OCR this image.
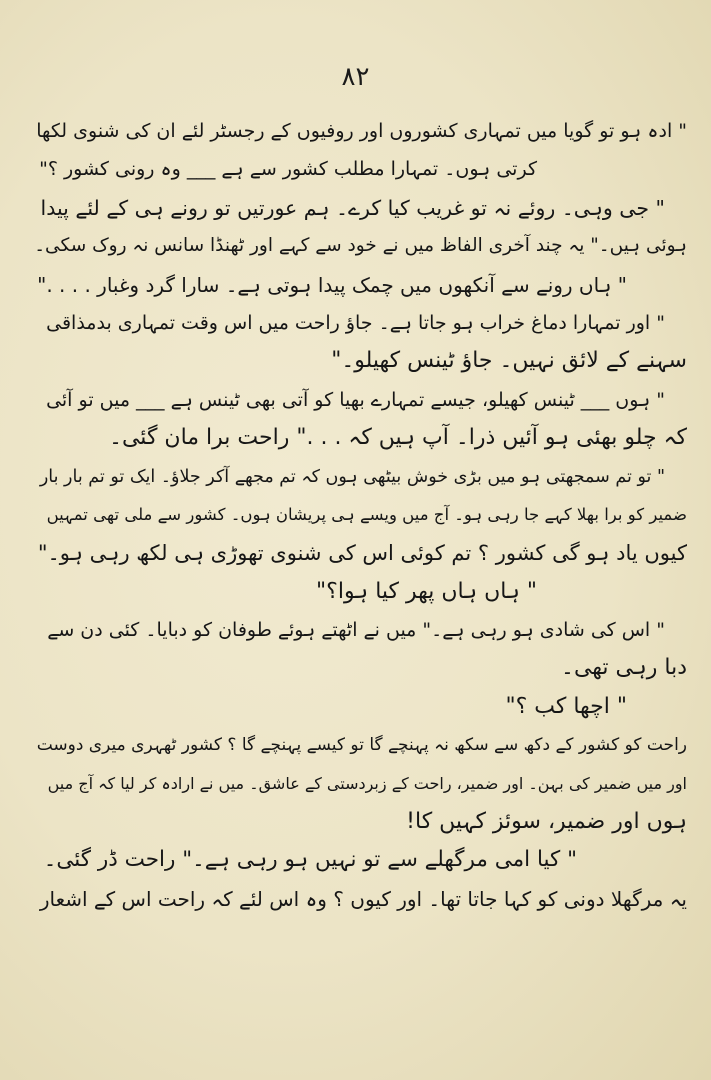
۸۲
" ادہ ہو تو گویا میں تمہاری کشوروں اور روفیوں کے رجسٹر لئے ان کی شنوی لکھا
کرتی ہوں۔ تمہارا مطلب کشور سے ہے ___ وہ رونی کشور ؟"
" جی وہی۔ روئے نہ تو غریب کیا کرے۔ ہم عورتیں تو رونے ہی کے لئے پیدا
ہوئی ہیں۔" یہ چند آخری الفاظ میں نے خود سے کہے اور ٹھنڈا سانس نہ روک سکی۔
" ہاں رونے سے آنکھوں میں چمک پیدا ہوتی ہے۔ سارا گرد وغبار . . . ."
" اور تمہارا دماغ خراب ہو جاتا ہے۔ جاؤ راحت میں اس وقت تمہاری بدمذاقی
سہنے کے لائق نہیں۔ جاؤ ٹینس کھیلو۔"
" ہوں ___ ٹینس کھیلو، جیسے تمہارے بھیا کو آتی بھی ٹینس ہے ___ میں تو آئی
کہ چلو بھئی ہو آئیں ذرا۔ آپ ہیں کہ . . ." راحت برا مان گئی۔
" تو تم سمجھتی ہو میں بڑی خوش بیٹھی ہوں کہ تم مجھے آکر جلاؤ۔ ایک تو تم بار بار
ضمیر کو برا بھلا کہے جا رہی ہو۔ آج میں ویسے ہی پریشان ہوں۔ کشور سے ملی تھی تمہیں
کیوں یاد ہو گی کشور ؟ تم کوئی اس کی شنوی تھوڑی ہی لکھ رہی ہو۔"
" ہاں ہاں پھر کیا ہوا؟"
" اس کی شادی ہو رہی ہے۔" میں نے اٹھتے ہوئے طوفان کو دبایا۔ کئی دن سے
دبا رہی تھی۔
" اچھا کب ؟"
راحت کو کشور کے دکھ سے سکھ نہ پہنچے گا تو کیسے پہنچے گا ؟ کشور ٹھہری میری دوست
اور میں ضمیر کی بہن۔ اور ضمیر، راحت کے زبردستی کے عاشق۔ میں نے ارادہ کر لیا کہ آج میں
ہوں اور ضمیر، سوئز کہیں کا!
" کیا امی مرگھلے سے تو نہیں ہو رہی ہے۔" راحت ڈر گئی۔
یہ مرگھلا دونی کو کہا جاتا تھا۔ اور کیوں ؟ وہ اس لئے کہ راحت اس کے اشعار
